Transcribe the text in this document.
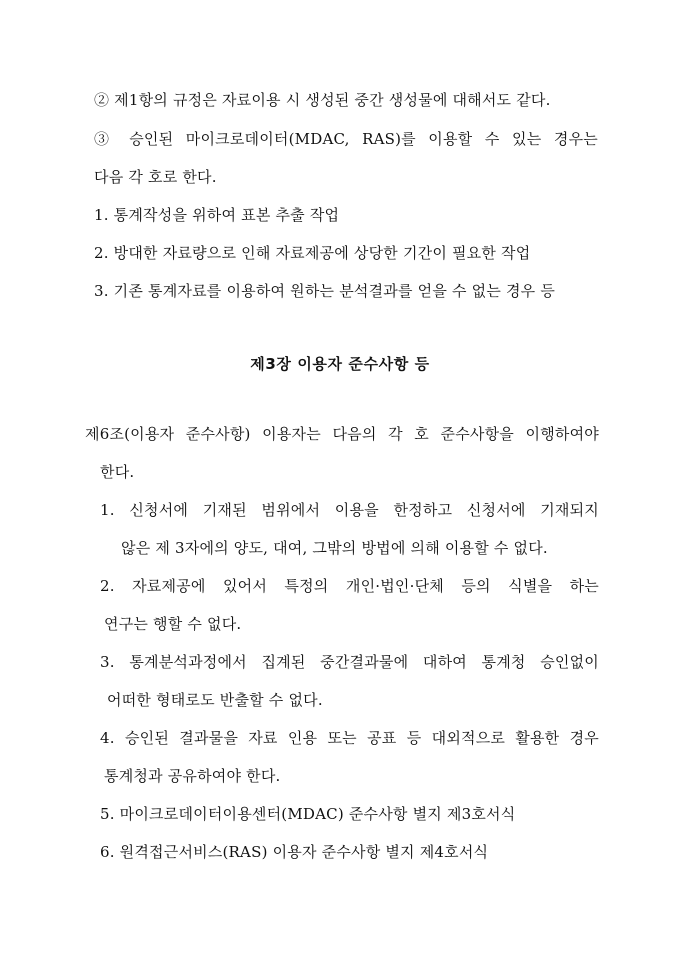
② 제1항의 규정은 자료이용 시 생성된 중간 생성물에 대해서도 같다.
③ 승인된 마이크로데이터(MDAC, RAS)를 이용할 수 있는 경우는
다음 각 호로 한다.
1. 통계작성을 위하여 표본 추출 작업
2. 방대한 자료량으로 인해 자료제공에 상당한 기간이 필요한 작업
3. 기존 통계자료를 이용하여 원하는 분석결과를 얻을 수 없는 경우 등
제3장 이용자 준수사항 등
제6조(이용자 준수사항) 이용자는 다음의 각 호 준수사항을 이행하여야
한다.
1. 신청서에 기재된 범위에서 이용을 한정하고 신청서에 기재되지
않은 제 3자에의 양도, 대여, 그밖의 방법에 의해 이용할 수 없다.
2. 자료제공에 있어서 특정의 개인·법인·단체 등의 식별을 하는
연구는 행할 수 없다.
3. 통계분석과정에서 집계된 중간결과물에 대하여 통계청 승인없이
어떠한 형태로도 반출할 수 없다.
4. 승인된 결과물을 자료 인용 또는 공표 등 대외적으로 활용한 경우
통계청과 공유하여야 한다.
5. 마이크로데이터이용센터(MDAC) 준수사항 별지 제3호서식
6. 원격접근서비스(RAS) 이용자 준수사항 별지 제4호서식
